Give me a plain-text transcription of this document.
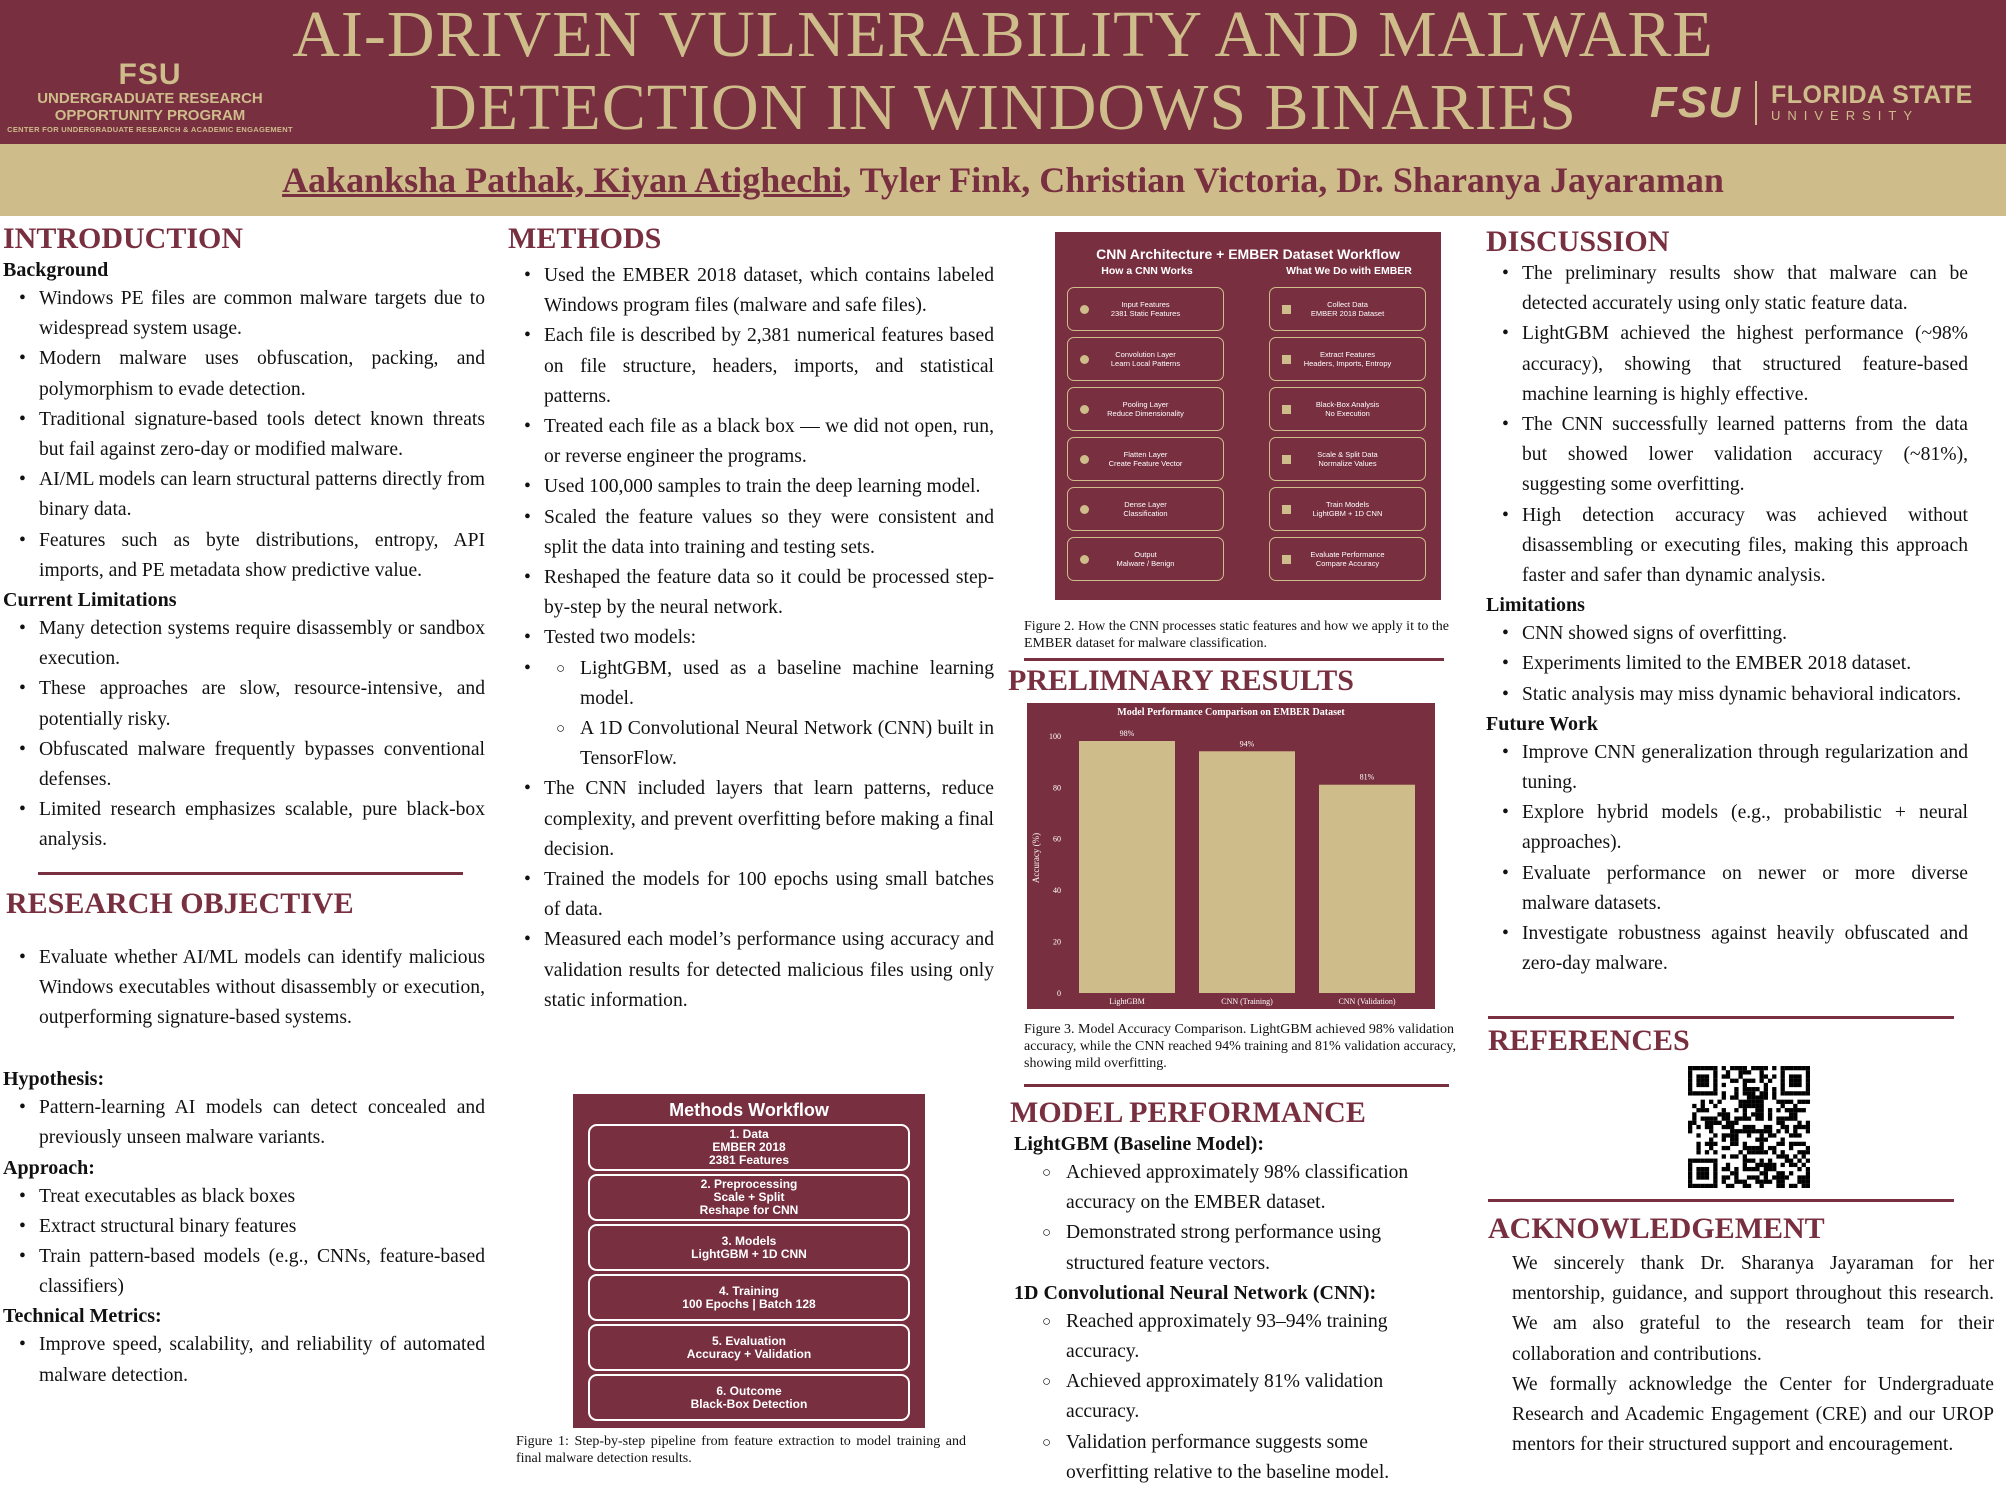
AI-DRIVEN VULNERABILITY AND MALWARE
DETECTION IN WINDOWS BINARIES
FSU
UNDERGRADUATE RESEARCH
OPPORTUNITY PROGRAM
CENTER FOR UNDERGRADUATE RESEARCH & ACADEMIC ENGAGEMENT
FSU FLORIDA STATE
UNIVERSITY
Aakanksha Pathak, Kiyan Atighechi, Tyler Fink, Christian Victoria, Dr. Sharanya Jayaraman
INTRODUCTION
Background
• Windows PE files are common malware targets due to widespread system usage.
• Modern malware uses obfuscation, packing, and polymorphism to evade detection.
• Traditional signature-based tools detect known threats but fail against zero-day or modified malware.
• AI/ML models can learn structural patterns directly from binary data.
• Features such as byte distributions, entropy, API imports, and PE metadata show predictive value.
Current Limitations
• Many detection systems require disassembly or sandbox execution.
• These approaches are slow, resource-intensive, and potentially risky.
• Obfuscated malware frequently bypasses conventional defenses.
• Limited research emphasizes scalable, pure black-box analysis.
RESEARCH OBJECTIVE
• Evaluate whether AI/ML models can identify malicious Windows executables without disassembly or execution, outperforming signature-based systems.
Hypothesis:
• Pattern-learning AI models can detect concealed and previously unseen malware variants.
Approach:
• Treat executables as black boxes
• Extract structural binary features
• Train pattern-based models (e.g., CNNs, feature-based classifiers)
Technical Metrics:
• Improve speed, scalability, and reliability of automated malware detection.
METHODS
• Used the EMBER 2018 dataset, which contains labeled Windows program files (malware and safe files).
• Each file is described by 2,381 numerical features based on file structure, headers, imports, and statistical patterns.
• Treated each file as a black box — we did not open, run, or reverse engineer the programs.
• Used 100,000 samples to train the deep learning model.
• Scaled the feature values so they were consistent and split the data into training and testing sets.
• Reshaped the feature data so it could be processed step-by-step by the neural network.
• Tested two models:
○ • LightGBM, used as a baseline machine learning model.
○ A 1D Convolutional Neural Network (CNN) built in TensorFlow.
• The CNN included layers that learn patterns, reduce complexity, and prevent overfitting before making a final decision.
• Trained the models for 100 epochs using small batches of data.
• Measured each model’s performance using accuracy and validation results for detected malicious files using only static information.
Methods Workflow
1. Data
EMBER 2018
2381 Features
2. Preprocessing
Scale + Split
Reshape for CNN
3. Models
LightGBM + 1D CNN
4. Training
100 Epochs | Batch 128
5. Evaluation
Accuracy + Validation
6. Outcome
Black-Box Detection
Figure 1: Step-by-step pipeline from feature extraction to model training and final malware detection results.
CNN Architecture + EMBER Dataset Workflow
How a CNN Works	What We Do with EMBER
Input Features
2381 Static Features
Convolution Layer
Learn Local Patterns
Pooling Layer
Reduce Dimensionality
Flatten Layer
Create Feature Vector
Dense Layer
Classification
Output
Malware / Benign
Collect Data
EMBER 2018 Dataset
Extract Features
Headers, Imports, Entropy
Black-Box Analysis
No Execution
Scale & Split Data
Normalize Values
Train Models
LightGBM + 1D CNN
Evaluate Performance
Compare Accuracy
Figure 2. How the CNN processes static features and how we apply it to the EMBER dataset for malware classification.
PRELIMNARY RESULTS
Model Performance Comparison on EMBER Dataset
Accuracy (%)
0
20
40
60
80
100	98%
LightGBM
94%
CNN (Training)
81%
CNN (Validation)
Figure 3. Model Accuracy Comparison. LightGBM achieved 98% validation accuracy, while the CNN reached 94% training and 81% validation accuracy, showing mild overfitting.
MODEL PERFORMANCE
LightGBM (Baseline Model):
○ Achieved approximately 98% classification accuracy on the EMBER dataset.
○ Demonstrated strong performance using structured feature vectors.
1D Convolutional Neural Network (CNN):
○ Reached approximately 93–94% training accuracy.
○ Achieved approximately 81% validation accuracy.
○ Validation performance suggests some overfitting relative to the baseline model.
DISCUSSION
• The preliminary results show that malware can be detected accurately using only static feature data.
• LightGBM achieved the highest performance (~98% accuracy), showing that structured feature-based machine learning is highly effective.
• The CNN successfully learned patterns from the data but showed lower validation accuracy (~81%), suggesting some overfitting.
• High detection accuracy was achieved without disassembling or executing files, making this approach faster and safer than dynamic analysis.
Limitations
• CNN showed signs of overfitting.
• Experiments limited to the EMBER 2018 dataset.
• Static analysis may miss dynamic behavioral indicators.
Future Work
• Improve CNN generalization through regularization and tuning.
• Explore hybrid models (e.g., probabilistic + neural approaches).
• Evaluate performance on newer or more diverse malware datasets.
• Investigate robustness against heavily obfuscated and zero-day malware.
REFERENCES
ACKNOWLEDGEMENT
We sincerely thank Dr. Sharanya Jayaraman for her mentorship, guidance, and support throughout this research. We am also grateful to the research team for their collaboration and contributions.
We formally acknowledge the Center for Undergraduate Research and Academic Engagement (CRE) and our UROP mentors for their structured support and encouragement.
